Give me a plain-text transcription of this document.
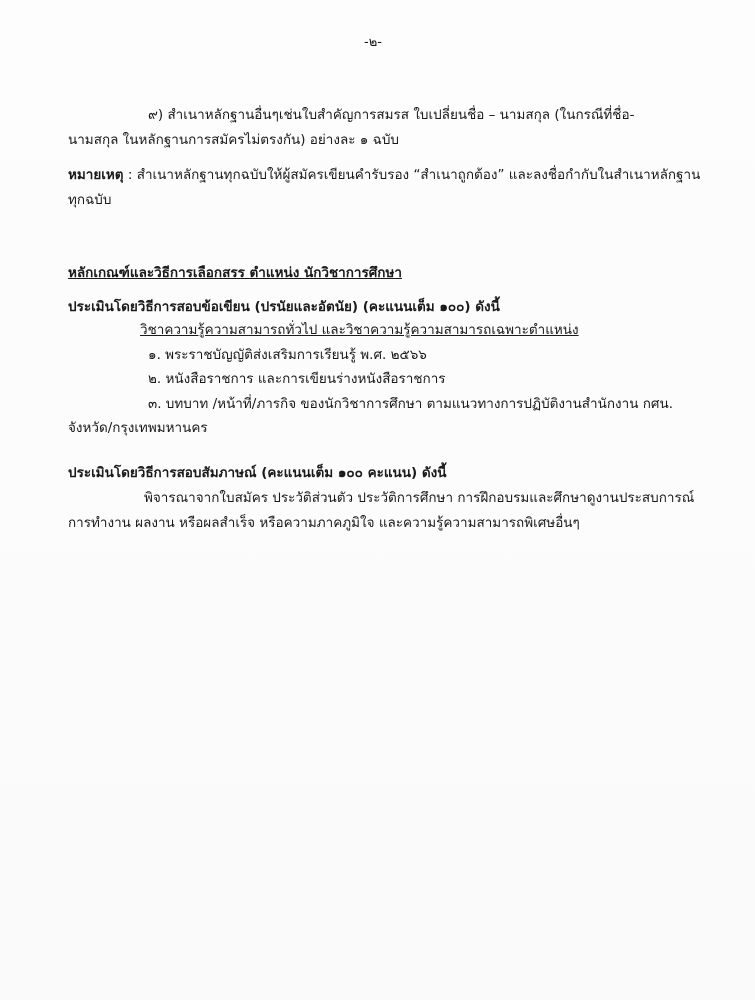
-๒-

๙) สำเนาหลักฐานอื่นๆเช่นใบสำคัญการสมรส ใบเปลี่ยนชื่อ – นามสกุล (ในกรณีที่ชื่อ-

นามสกุล ในหลักฐานการสมัครไม่ตรงกัน) อย่างละ ๑ ฉบับ

หมายเหตุ : สำเนาหลักฐานทุกฉบับให้ผู้สมัครเขียนคำรับรอง “สำเนาถูกต้อง” และลงชื่อกำกับในสำเนาหลักฐาน

ทุกฉบับ

หลักเกณฑ์และวิธีการเลือกสรร ตำแหน่ง นักวิชาการศึกษา

ประเมินโดยวิธีการสอบข้อเขียน (ปรนัยและอัตนัย) (คะแนนเต็ม ๑๐๐) ดังนี้

วิชาความรู้ความสามารถทั่วไป และวิชาความรู้ความสามารถเฉพาะตำแหน่ง

๑. พระราชบัญญัติส่งเสริมการเรียนรู้ พ.ศ. ๒๕๖๖

๒. หนังสือราชการ และการเขียนร่างหนังสือราชการ

๓. บทบาท /หน้าที่/ภารกิจ ของนักวิชาการศึกษา ตามแนวทางการปฏิบัติงานสำนักงาน กศน.

จังหวัด/กรุงเทพมหานคร

ประเมินโดยวิธีการสอบสัมภาษณ์ (คะแนนเต็ม ๑๐๐ คะแนน) ดังนี้

พิจารณาจากใบสมัคร ประวัติส่วนตัว ประวัติการศึกษา การฝึกอบรมและศึกษาดูงานประสบการณ์

การทำงาน ผลงาน หรือผลสำเร็จ หรือความภาคภูมิใจ และความรู้ความสามารถพิเศษอื่นๆ
